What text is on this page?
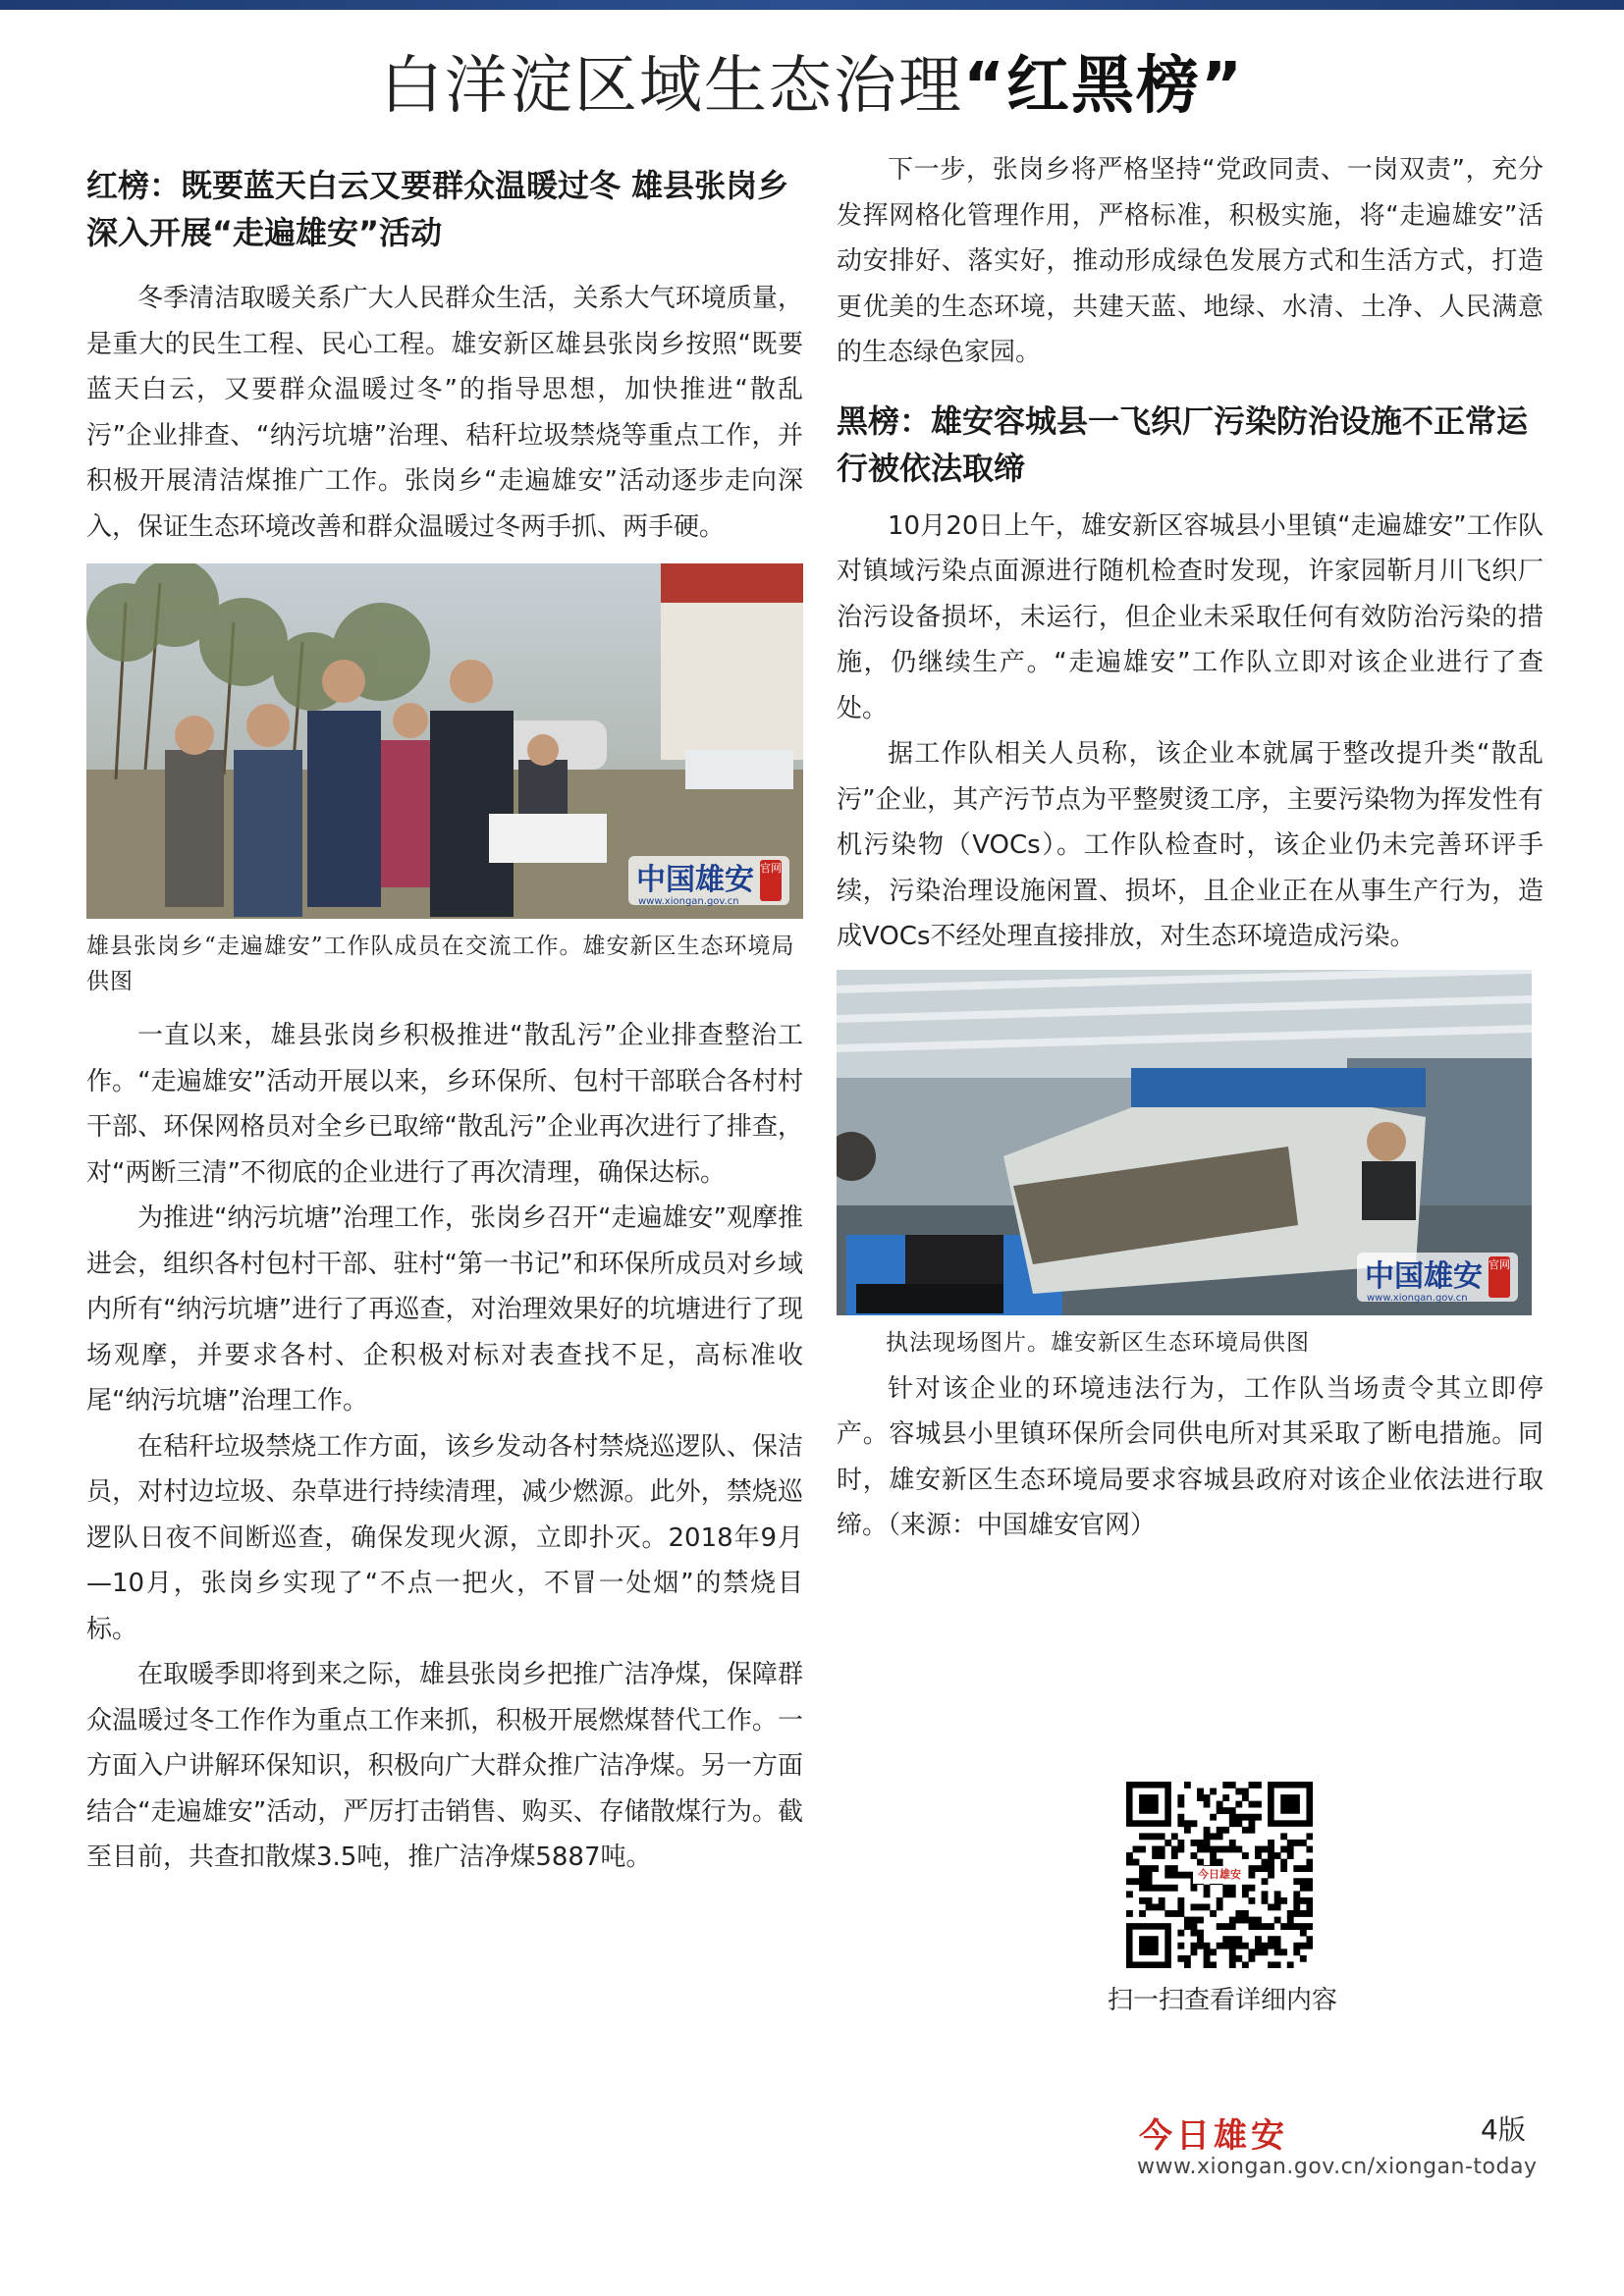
白洋淀区域生态治理“红黑榜”
红榜：既要蓝天白云又要群众温暖过冬 雄县张岗乡深入开展“走遍雄安”活动

冬季清洁取暖关系广大人民群众生活，关系大气环境质量，是重大的民生工程、民心工程。雄安新区雄县张岗乡按照“既要蓝天白云，又要群众温暖过冬”的指导思想，加快推进“散乱污”企业排查、“纳污坑塘”治理、秸秆垃圾禁烧等重点工作，并积极开展清洁煤推广工作。张岗乡“走遍雄安”活动逐步走向深入，保证生态环境改善和群众温暖过冬两手抓、两手硬。

中国雄安 官网
www.xiongan.gov.cn
雄县张岗乡“走遍雄安”工作队成员在交流工作。雄安新区生态环境局供图

一直以来，雄县张岗乡积极推进“散乱污”企业排查整治工作。“走遍雄安”活动开展以来，乡环保所、包村干部联合各村村干部、环保网格员对全乡已取缔“散乱污”企业再次进行了排查，对“两断三清”不彻底的企业进行了再次清理，确保达标。

为推进“纳污坑塘”治理工作，张岗乡召开“走遍雄安”观摩推进会，组织各村包村干部、驻村“第一书记”和环保所成员对乡域内所有“纳污坑塘”进行了再巡查，对治理效果好的坑塘进行了现场观摩，并要求各村、企积极对标对表查找不足，高标准收尾“纳污坑塘”治理工作。

在秸秆垃圾禁烧工作方面，该乡发动各村禁烧巡逻队、保洁员，对村边垃圾、杂草进行持续清理，减少燃源。此外，禁烧巡逻队日夜不间断巡查，确保发现火源，立即扑灭。2018年9月—10月，张岗乡实现了“不点一把火，不冒一处烟”的禁烧目标。

在取暖季即将到来之际，雄县张岗乡把推广洁净煤，保障群众温暖过冬工作作为重点工作来抓，积极开展燃煤替代工作。一方面入户讲解环保知识，积极向广大群众推广洁净煤。另一方面结合“走遍雄安”活动，严厉打击销售、购买、存储散煤行为。截至目前，共查扣散煤3.5吨，推广洁净煤5887吨。

下一步，张岗乡将严格坚持“党政同责、一岗双责”，充分发挥网格化管理作用，严格标准，积极实施，将“走遍雄安”活动安排好、落实好，推动形成绿色发展方式和生活方式，打造更优美的生态环境，共建天蓝、地绿、水清、土净、人民满意的生态绿色家园。

黑榜：雄安容城县一飞织厂污染防治设施不正常运行被依法取缔

10月20日上午，雄安新区容城县小里镇“走遍雄安”工作队对镇域污染点面源进行随机检查时发现，许家园靳月川飞织厂治污设备损坏，未运行，但企业未采取任何有效防治污染的措施，仍继续生产。“走遍雄安”工作队立即对该企业进行了查处。

据工作队相关人员称，该企业本就属于整改提升类“散乱污”企业，其产污节点为平整熨烫工序，主要污染物为挥发性有机污染物（VOCs）。工作队检查时，该企业仍未完善环评手续，污染治理设施闲置、损坏，且企业正在从事生产行为，造成VOCs不经处理直接排放，对生态环境造成污染。

中国雄安 官网
www.xiongan.gov.cn
执法现场图片。雄安新区生态环境局供图

针对该企业的环境违法行为，工作队当场责令其立即停产。容城县小里镇环保所会同供电所对其采取了断电措施。同时，雄安新区生态环境局要求容城县政府对该企业依法进行取缔。（来源：中国雄安官网）

今日雄安
扫一扫查看详细内容
今日雄安	4版
www.xiongan.gov.cn/xiongan-today
